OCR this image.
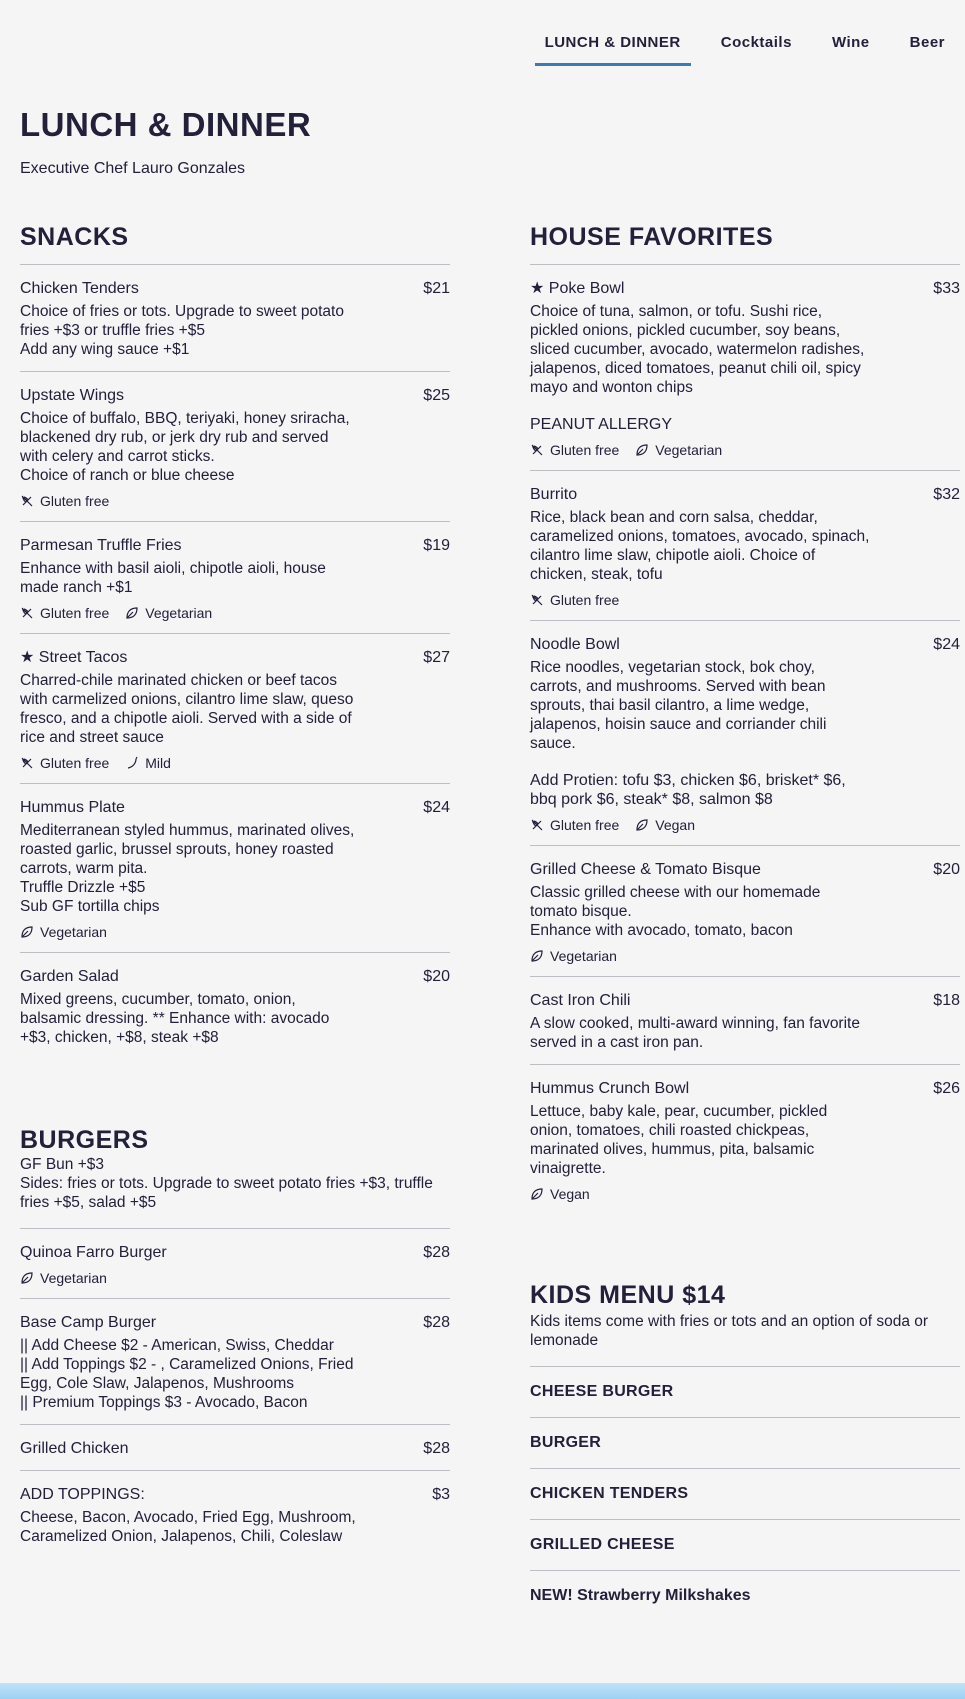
LUNCH & DINNER	Cocktails	Wine	Beer
LUNCH & DINNER
Executive Chef Lauro Gonzales
SNACKS
Chicken Tenders	$21
Choice of fries or tots. Upgrade to sweet potato fries +$3 or truffle fries +$5
Add any wing sauce +$1
Upstate Wings	$25
Choice of buffalo, BBQ, teriyaki, honey sriracha, blackened dry rub, or jerk dry rub and served with celery and carrot sticks.
Choice of ranch or blue cheese
Gluten free
Parmesan Truffle Fries	$19
Enhance with basil aioli, chipotle aioli, house made ranch +$1
Gluten free	Vegetarian
★ Street Tacos	$27
Charred-chile marinated chicken or beef tacos with carmelized onions, cilantro lime slaw, queso fresco, and a chipotle aioli. Served with a side of rice and street sauce
Gluten free	Mild
Hummus Plate	$24
Mediterranean styled hummus, marinated olives, roasted garlic, brussel sprouts, honey roasted carrots, warm pita.
Truffle Drizzle +$5
Sub GF tortilla chips
Vegetarian
Garden Salad	$20
Mixed greens, cucumber, tomato, onion, balsamic dressing. ** Enhance with: avocado +$3, chicken, +$8, steak +$8
BURGERS
GF Bun +$3
Sides: fries or tots. Upgrade to sweet potato fries +$3, truffle fries +$5, salad +$5
Quinoa Farro Burger	$28
Vegetarian
Base Camp Burger	$28
|| Add Cheese $2 - American, Swiss, Cheddar
|| Add Toppings $2 - , Caramelized Onions, Fried Egg, Cole Slaw, Jalapenos, Mushrooms
|| Premium Toppings $3 - Avocado, Bacon
Grilled Chicken	$28
ADD TOPPINGS:	$3
Cheese, Bacon, Avocado, Fried Egg, Mushroom, Caramelized Onion, Jalapenos, Chili, Coleslaw
HOUSE FAVORITES
★ Poke Bowl	$33
Choice of tuna, salmon, or tofu. Sushi rice, pickled onions, pickled cucumber, soy beans, sliced cucumber, avocado, watermelon radishes, jalapenos, diced tomatoes, peanut chili oil, spicy mayo and wonton chips
PEANUT ALLERGY
Gluten free	Vegetarian
Burrito	$32
Rice, black bean and corn salsa, cheddar, caramelized onions, tomatoes, avocado, spinach, cilantro lime slaw, chipotle aioli. Choice of chicken, steak, tofu
Gluten free
Noodle Bowl	$24
Rice noodles, vegetarian stock, bok choy, carrots, and mushrooms. Served with bean sprouts, thai basil cilantro, a lime wedge, jalapenos, hoisin sauce and corriander chili sauce.
Add Protien: tofu $3, chicken $6, brisket* $6, bbq pork $6, steak* $8, salmon $8
Gluten free	Vegan
Grilled Cheese & Tomato Bisque	$20
Classic grilled cheese with our homemade tomato bisque.
Enhance with avocado, tomato, bacon
Vegetarian
Cast Iron Chili	$18
A slow cooked, multi-award winning, fan favorite served in a cast iron pan.
Hummus Crunch Bowl	$26
Lettuce, baby kale, pear, cucumber, pickled onion, tomatoes, chili roasted chickpeas, marinated olives, hummus, pita, balsamic vinaigrette.
Vegan
KIDS MENU $14
Kids items come with fries or tots and an option of soda or lemonade
CHEESE BURGER
BURGER
CHICKEN TENDERS
GRILLED CHEESE
NEW! Strawberry Milkshakes
